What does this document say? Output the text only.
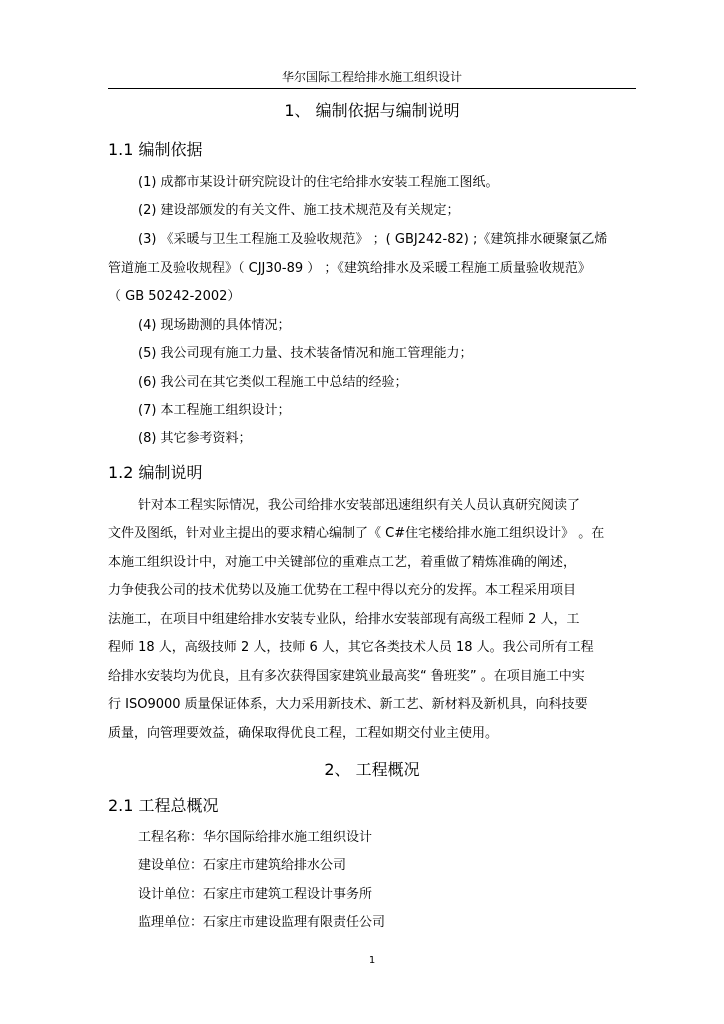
华尔国际工程给排水施工组织设计
1、 编制依据与编制说明
1.1 编制依据
(1) 成都市某设计研究院设计的住宅给排水安装工程施工图纸。
(2) 建设部颁发的有关文件、施工技术规范及有关规定；
(3) 《采暖与卫生工程施工及验收规范》 ；( GBJ242-82) ;《建筑排水硬聚氯乙烯
管道施工及验收规程》（ CJJ30-89 ） ；《建筑给排水及采暖工程施工质量验收规范》
（ GB 50242-2002）
(4) 现场勘测的具体情况；
(5) 我公司现有施工力量、技术装备情况和施工管理能力；
(6) 我公司在其它类似工程施工中总结的经验；
(7) 本工程施工组织设计；
(8) 其它参考资料；
1.2 编制说明
针对本工程实际情况，我公司给排水安装部迅速组织有关人员认真研究阅读了
文件及图纸，针对业主提出的要求精心编制了《 C#住宅楼给排水施工组织设计》 。在
本施工组织设计中，对施工中关键部位的重难点工艺，着重做了精炼准确的阐述，
力争使我公司的技术优势以及施工优势在工程中得以充分的发挥。本工程采用项目
法施工，在项目中组建给排水安装专业队，给排水安装部现有高级工程师 2 人，工
程师 18 人，高级技师 2 人，技师 6 人，其它各类技术人员 18 人。我公司所有工程
给排水安装均为优良，且有多次获得国家建筑业最高奖“ 鲁班奖” 。在项目施工中实
行 ISO9000 质量保证体系，大力采用新技术、新工艺、新材料及新机具，向科技要
质量，向管理要效益，确保取得优良工程，工程如期交付业主使用。
2、 工程概况
2.1 工程总概况
工程名称：华尔国际给排水施工组织设计
建设单位：石家庄市建筑给排水公司
设计单位：石家庄市建筑工程设计事务所
监理单位：石家庄市建设监理有限责任公司
1
